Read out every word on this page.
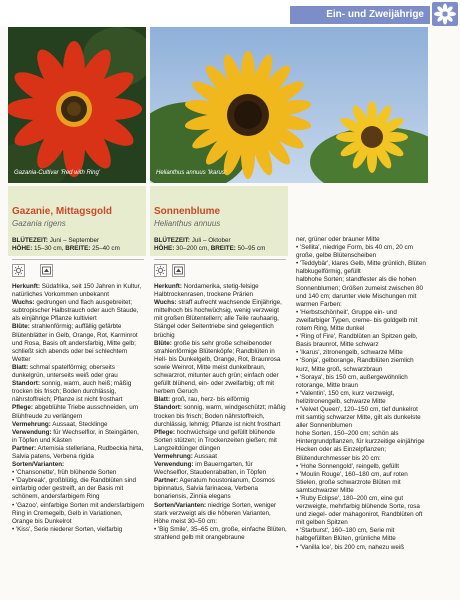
Ein- und Zweijährige
Gazania-Cultivar 'Red with Ring'	Helianthus annuus 'Ikarus'
Gazanie, Mittagsgold
Gazania rigens
Sonnenblume
Helianthus annuus
BLÜTEZEIT: Juni – September
HÖHE: 15–30 cm, BREITE: 25–40 cm
BLÜTEZEIT: Juli – Oktober
HÖHE: 30–200 cm, BREITE: 50–95 cm
Herkunft: Südafrika, seit 150 Jahren in Kultur, natürliches Vorkommen unbekannt
Wuchs: gedrungen und flach ausgebreitet; subtropischer Halbstrauch oder auch Staude, als einjährige Pflanze kultiviert
Blüte: strahlenförmig; auffällig gefärbte Blütenblätter in Gelb, Orange, Rot, Karminrot und Rosa, Basis oft andersfarbig, Mitte gelb; schließt sich abends oder bei schlechtem Wetter
Blatt: schmal spatelförmig; oberseits dunkelgrün, unterseits weiß oder grau
Standort: sonnig, warm, auch heiß; mäßig trocken bis frisch; Boden durchlässig, nährstoffreich; Pflanze ist nicht frosthart
Pflege: abgeblühte Triebe ausschneiden, um Blühfreude zu verlängern
Vermehrung: Aussaat, Stecklinge
Verwendung: für Wechselflor, in Steingärten, in Töpfen und Kästen
Partner: Artemisia stelleriana, Rudbeckia hirta, Salvia patens, Verbena rigida
Sorten/Varianten:
• 'Chansonette', früh blühende Sorten
• 'Daybreak', großblütig, die Randblüten sind einfarbig oder gestreift, an der Basis mit schönem, andersfarbigem Ring
• 'Gazoo', einfarbige Sorten mit andersfarbigem Ring in Cremegelb, Gelb in Variationen, Orange bis Dunkelrot
• 'Kiss', Serie niederer Sorten, vielfarbig
Herkunft: Nordamerika, stetig-felsige Halbtrockenrasen, trockene Prärien
Wuchs: straff aufrecht wachsende Einjährige, mittelhoch bis hochwüchsig, wenig verzweigt mit großen Blütentellern; alle Teile rauhaarig, Stängel oder Seitentriebe sind gelegentlich brüchig
Blüte: große bis sehr große scheibenoder strahlenförmige Blütenköpfe; Randblüten in Hell- bis Dunkelgelb, Orange, Rot, Braunrosa sowie Weinrot, Mitte meist dunkelbraun, schwarzrot, mitunter auch grün; einfach oder gefüllt blühend, ein- oder zweifarbig; oft mit herbem Geruch
Blatt: groß, rau, herz- bis eiförmig
Standort: sonnig, warm, windgeschützt; mäßig trocken bis frisch; Boden nährstoffreich, durchlässig, lehmig; Pflanze ist nicht frosthart
Pflege: hochwüchsige und gefüllt blühende Sorten stützen; in Trockenzeiten gießen; mit Langzeitdünger düngen
Vermehrung: Aussaat
Verwendung: im Bauerngarten, für Wechselflor, Staudenrabatten, in Töpfen
Partner: Ageratum houstonianum, Cosmos bipinnatus, Salvia farinacea, Verbena bonariensis, Zinnia elegans
Sorten/Varianten: niedrige Sorten, weniger stark verzweigt als die höheren Varianten, Höhe meist 30–50 cm:
• 'Big Smile', 35–65 cm, große, einfache Blüten, strahlend gelb mit orangebraune
ner, grüner oder brauner Mitte
• 'Sellita', niedrige Form, bis 40 cm, 20 cm große, gelbe Blütenscheiben
• 'Teddybär', klares Gelb, Mitte grünlich, Blüten halbkugelförmig, gefüllt
halbhohe Sorten; standfester als die hohen Sonnenblumen; Größen zumeist zwischen 80 und 140 cm; darunter viele Mischungen mit warmen Farben:
• 'Herbstschönheit', Gruppe ein- und zweifarbiger Typen, creme- bis goldgelb mit rotem Ring, Mitte dunkel
• 'Ring of Fire', Randblüten an Spitzen gelb, Basis braunrot, Mitte schwarz
• 'Ikarus', zitronengelb, schwarze Mitte
• 'Sonja', gelborange, Randblüten ziemlich kurz, Mitte groß, schwarzbraun
• 'Soraya', bis 150 cm, außergewöhnlich rotorange, Mitte braun
• 'Valentin', 150 cm, kurz verzweigt, hellzitronengelb, schwarze Mitte
• 'Velvet Queen', 120–150 cm, tief dunkelrot mit samtig schwarzer Mitte, gilt als dunkelste aller Sonnenblumen
hohe Sorten, 150–200 cm; schön als Hintergrundpflanzen, für kurzzeitige einjährige Hecken oder als Einzelpflanzen; Blütendurchmesser bis 20 cm:
• 'Hohe Sonnengold', reingelb, gefüllt
• 'Moulin Rouge', 160–180 cm, auf roten Stielen, große schwarzrote Blüten mit samtschwarzer Mitte
• 'Ruby Eclipse', 180–200 cm, eine gut verzweigte, mehrfarbig blühende Sorte, rosa und ziegel- oder mahagonirot, Randblüten oft mit gelben Spitzen
• 'Starburst', 160–180 cm, Serie mit halbgefüllten Blüten, grünliche Mitte
• 'Vanilla Ice', bis 200 cm, nahezu weiß
